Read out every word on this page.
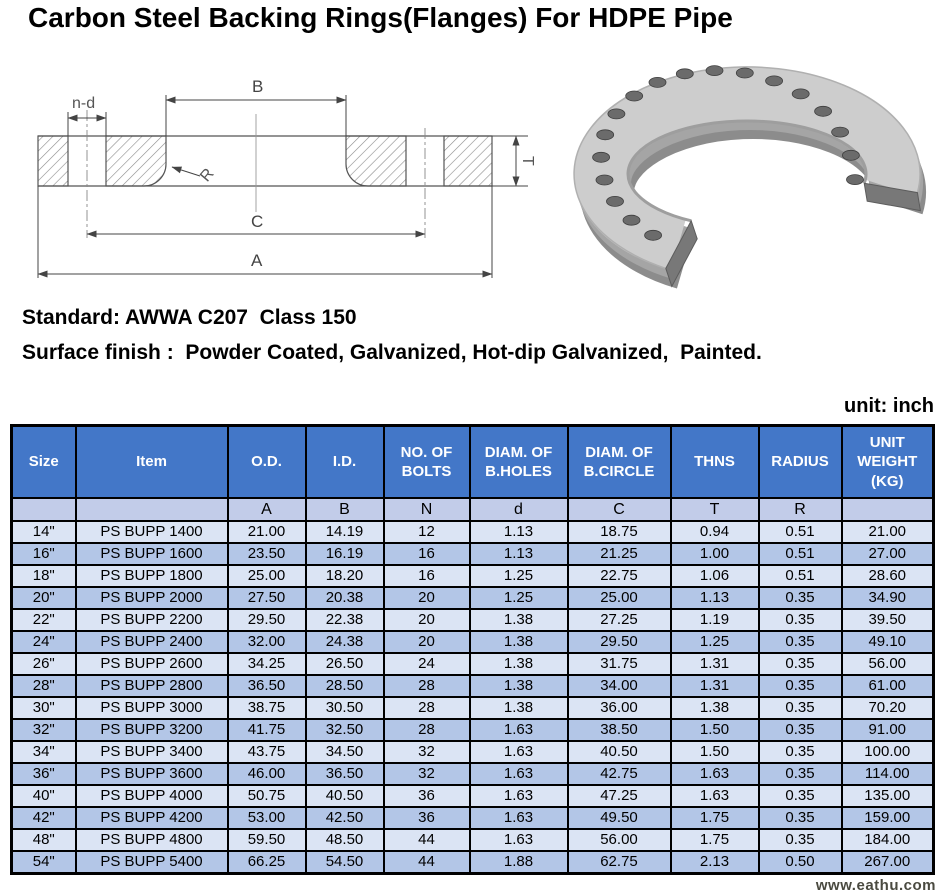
Carbon Steel Backing Rings(Flanges) For HDPE Pipe
B
n-d
R
C
A
T
Standard: AWWA C207  Class 150
Surface finish :  Powder Coated, Galvanized, Hot-dip Galvanized,  Painted.
unit: inch
Size	Item	O.D.	I.D.	NO. OF BOLTS	DIAM. OF B.HOLES	DIAM. OF B.CIRCLE	THNS	RADIUS	UNIT WEIGHT (KG)
		A	B	N	d	C	T	R	
14"	PS BUPP 1400	21.00	14.19	12	1.13	18.75	0.94	0.51	21.00
16"	PS BUPP 1600	23.50	16.19	16	1.13	21.25	1.00	0.51	27.00
18"	PS BUPP 1800	25.00	18.20	16	1.25	22.75	1.06	0.51	28.60
20"	PS BUPP 2000	27.50	20.38	20	1.25	25.00	1.13	0.35	34.90
22"	PS BUPP 2200	29.50	22.38	20	1.38	27.25	1.19	0.35	39.50
24"	PS BUPP 2400	32.00	24.38	20	1.38	29.50	1.25	0.35	49.10
26"	PS BUPP 2600	34.25	26.50	24	1.38	31.75	1.31	0.35	56.00
28"	PS BUPP 2800	36.50	28.50	28	1.38	34.00	1.31	0.35	61.00
30"	PS BUPP 3000	38.75	30.50	28	1.38	36.00	1.38	0.35	70.20
32"	PS BUPP 3200	41.75	32.50	28	1.63	38.50	1.50	0.35	91.00
34"	PS BUPP 3400	43.75	34.50	32	1.63	40.50	1.50	0.35	100.00
36"	PS BUPP 3600	46.00	36.50	32	1.63	42.75	1.63	0.35	114.00
40"	PS BUPP 4000	50.75	40.50	36	1.63	47.25	1.63	0.35	135.00
42"	PS BUPP 4200	53.00	42.50	36	1.63	49.50	1.75	0.35	159.00
48"	PS BUPP 4800	59.50	48.50	44	1.63	56.00	1.75	0.35	184.00
54"	PS BUPP 5400	66.25	54.50	44	1.88	62.75	2.13	0.50	267.00
www.eathu.com
